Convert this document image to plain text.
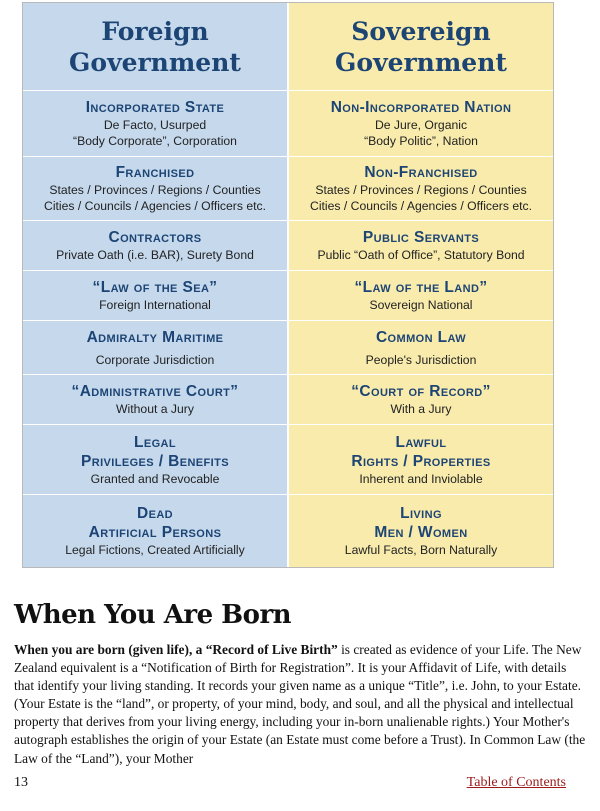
Foreign
Government
Sovereign
Government
Incorporated State
De Facto, Usurped
“Body Corporate”, Corporation
Non-Incorporated Nation
De Jure, Organic
“Body Politic”, Nation
Franchised
States / Provinces / Regions / Counties
Cities / Councils / Agencies / Officers etc.
Non-Franchised
States / Provinces / Regions / Counties
Cities / Councils / Agencies / Officers etc.
Contractors
Private Oath (i.e. BAR), Surety Bond
Public Servants
Public “Oath of Office”, Statutory Bond
“Law of the Sea”
Foreign International
“Law of the Land”
Sovereign National
Admiralty Maritime
Corporate Jurisdiction
Common Law
People's Jurisdiction
“Administrative Court”
Without a Jury
“Court of Record”
With a Jury
Legal
Privileges / Benefits
Granted and Revocable
Lawful
Rights / Properties
Inherent and Inviolable
Dead
Artificial Persons
Legal Fictions, Created Artificially
Living
Men / Women
Lawful Facts, Born Naturally
When You Are Born

When you are born (given life), a “Record of Live Birth” is created as evidence of your Life. The New Zealand equivalent is a “Notification of Birth for Registration”. It is your Affidavit of Life, with details that identify your living standing. It records your given name as a unique “Title”, i.e. John, to your Estate. (Your Estate is the “land”, or property, of your mind, body, and soul, and all the physical and intellectual property that derives from your living energy, including your in-born unalienable rights.) Your Mother's autograph establishes the origin of your Estate (an Estate must come before a Trust). In Common Law (the Law of the “Land”), your Mother

13	Table of Contents
